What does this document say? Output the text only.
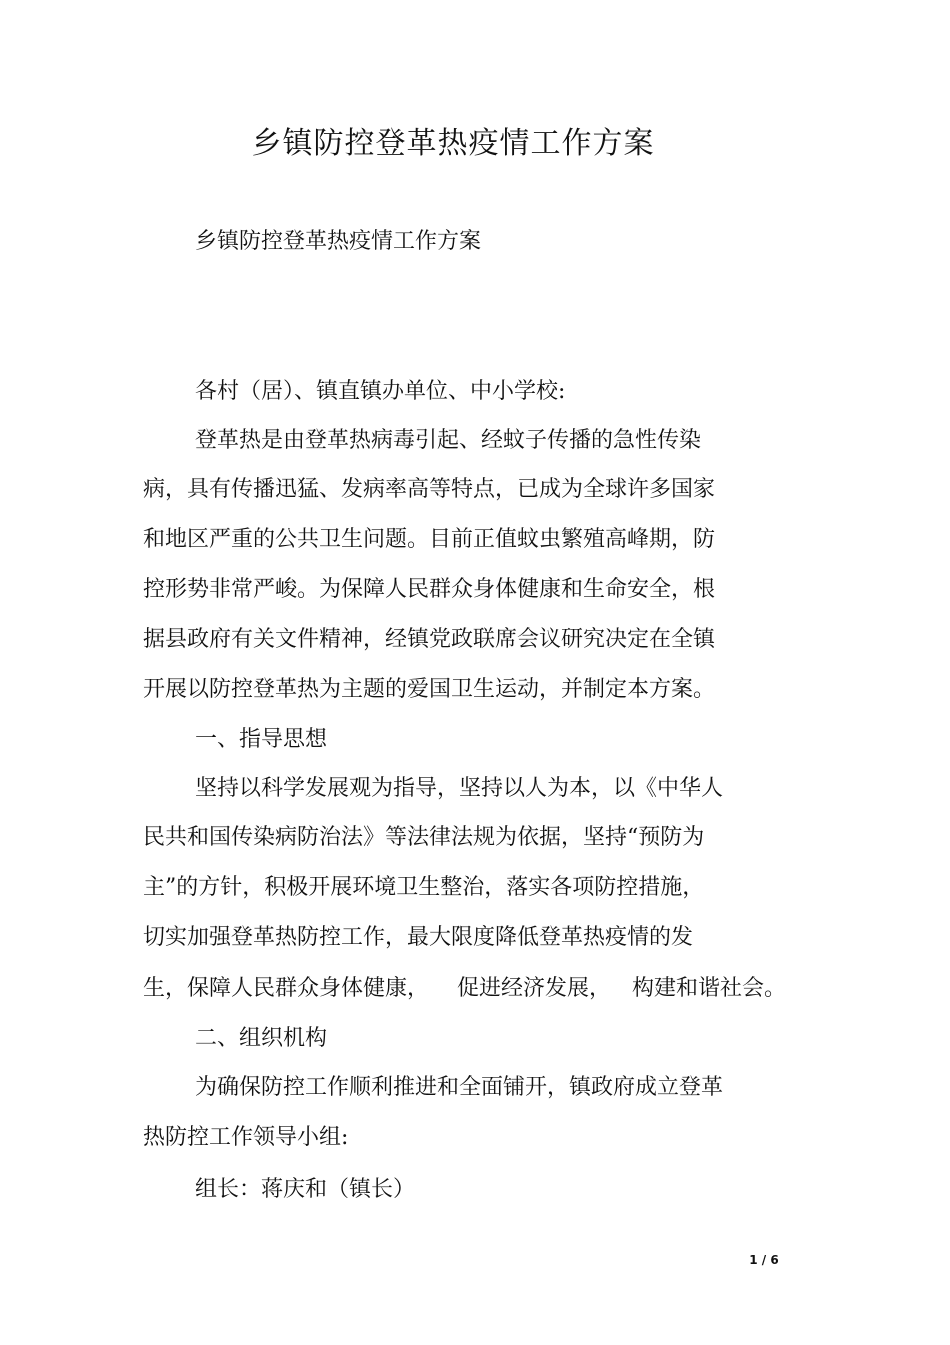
乡镇防控登革热疫情工作方案
乡镇防控登革热疫情工作方案
各村（居）、镇直镇办单位、中小学校:
登革热是由登革热病毒引起、经蚊子传播的急性传染
病，具有传播迅猛、发病率高等特点，已成为全球许多国家
和地区严重的公共卫生问题。目前正值蚊虫繁殖高峰期，防
控形势非常严峻。为保障人民群众身体健康和生命安全，根
据县政府有关文件精神，经镇党政联席会议研究决定在全镇
开展以防控登革热为主题的爱国卫生运动，并制定本方案。
一、指导思想
坚持以科学发展观为指导，坚持以人为本，以《中华人
民共和国传染病防治法》等法律法规为依据，坚持“预防为
主”的方针，积极开展环境卫生整治，落实各项防控措施，
切实加强登革热防控工作，最大限度降低登革热疫情的发
生，保障人民群众身体健康，    促进经济发展，   构建和谐社会。
二、组织机构
为确保防控工作顺利推进和全面铺开，镇政府成立登革
热防控工作领导小组:
组长：蒋庆和（镇长）
1 / 6
